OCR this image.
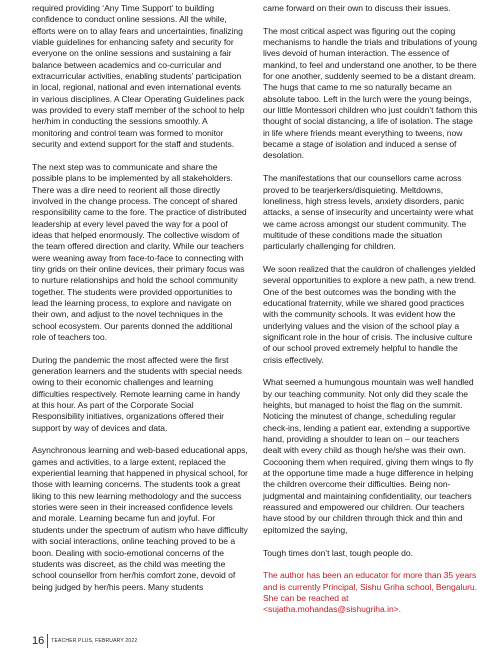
required providing ‘Any Time Support’ to building confidence to conduct online sessions. All the while, efforts were on to allay fears and uncertainties, finalizing viable guidelines for enhancing safety and security for everyone on the online sessions and sustaining a fair balance between academics and co-curricular and extracurricular activities, enabling students’ participation in local, regional, national and even international events in various disciplines. A Clear Operating Guidelines pack was provided to every staff member of the school to help her/him in conducting the sessions smoothly. A monitoring and control team was formed to monitor security and extend support for the staff and students.

The next step was to communicate and share the possible plans to be implemented by all stakeholders. There was a dire need to reorient all those directly involved in the change process. The concept of shared responsibility came to the fore. The practice of distributed leadership at every level paved the way for a pool of ideas that helped enormously. The collective wisdom of the team offered direction and clarity. While our teachers were weaning away from face-to-face to connecting with tiny grids on their online devices, their primary focus was to nurture relationships and hold the school community together. The students were provided opportunities to lead the learning process, to explore and navigate on their own, and adjust to the novel techniques in the school ecosystem. Our parents donned the additional role of teachers too.

During the pandemic the most affected were the first generation learners and the students with special needs owing to their economic challenges and learning difficulties respectively. Remote learning came in handy at this hour. As part of the Corporate Social Responsibility initiatives, organizations offered their support by way of devices and data.

Asynchronous learning and web-based educational apps, games and activities, to a large extent, replaced the experiential learning that happened in physical school, for those with learning concerns. The students took a great liking to this new learning methodology and the success stories were seen in their increased confidence levels and morale. Learning became fun and joyful. For students under the spectrum of autism who have difficulty with social interactions, online teaching proved to be a boon. Dealing with socio-emotional concerns of the students was discreet, as the child was meeting the school counsellor from her/his comfort zone, devoid of being judged by her/his peers. Many students

came forward on their own to discuss their issues.

The most critical aspect was figuring out the coping mechanisms to handle the trials and tribulations of young lives devoid of human interaction. The essence of mankind, to feel and understand one another, to be there for one another, suddenly seemed to be a distant dream. The hugs that came to me so naturally became an absolute taboo. Left in the lurch were the young beings, our little Montessori children who just couldn’t fathom this thought of social distancing, a life of isolation. The stage in life where friends meant everything to tweens, now became a stage of isolation and induced a sense of desolation.

The manifestations that our counsellors came across proved to be tearjerkers/disquieting. Meltdowns, loneliness, high stress levels, anxiety disorders, panic attacks, a sense of insecurity and uncertainty were what we came across amongst our student community. The multitude of these conditions made the situation particularly challenging for children.

We soon realized that the cauldron of challenges yielded several opportunities to explore a new path, a new trend. One of the best outcomes was the bonding with the educational fraternity, while we shared good practices with the community schools. It was evident how the underlying values and the vision of the school play a significant role in the hour of crisis. The inclusive culture of our school proved extremely helpful to handle the crisis effectively.

What seemed a humungous mountain was well handled by our teaching community. Not only did they scale the heights, but managed to hoist the flag on the summit. Noticing the minutest of change, scheduling regular check-ins, lending a patient ear, extending a supportive hand, providing a shoulder to lean on – our teachers dealt with every child as though he/she was their own. Cocooning them when required, giving them wings to fly at the opportune time made a huge difference in helping the children overcome their difficulties. Being non-judgmental and maintaining confidentiality, our teachers reassured and empowered our children. Our teachers have stood by our children through thick and thin and epitomized the saying,

Tough times don’t last, tough people do.

The author has been an educator for more than 35 years and is currently Principal, Sishu Griha school, Bengaluru. She can be reached at <sujatha.mohandas@sishugriha.in>.

16 TEACHER PLUS, FEBRUARY 2022
